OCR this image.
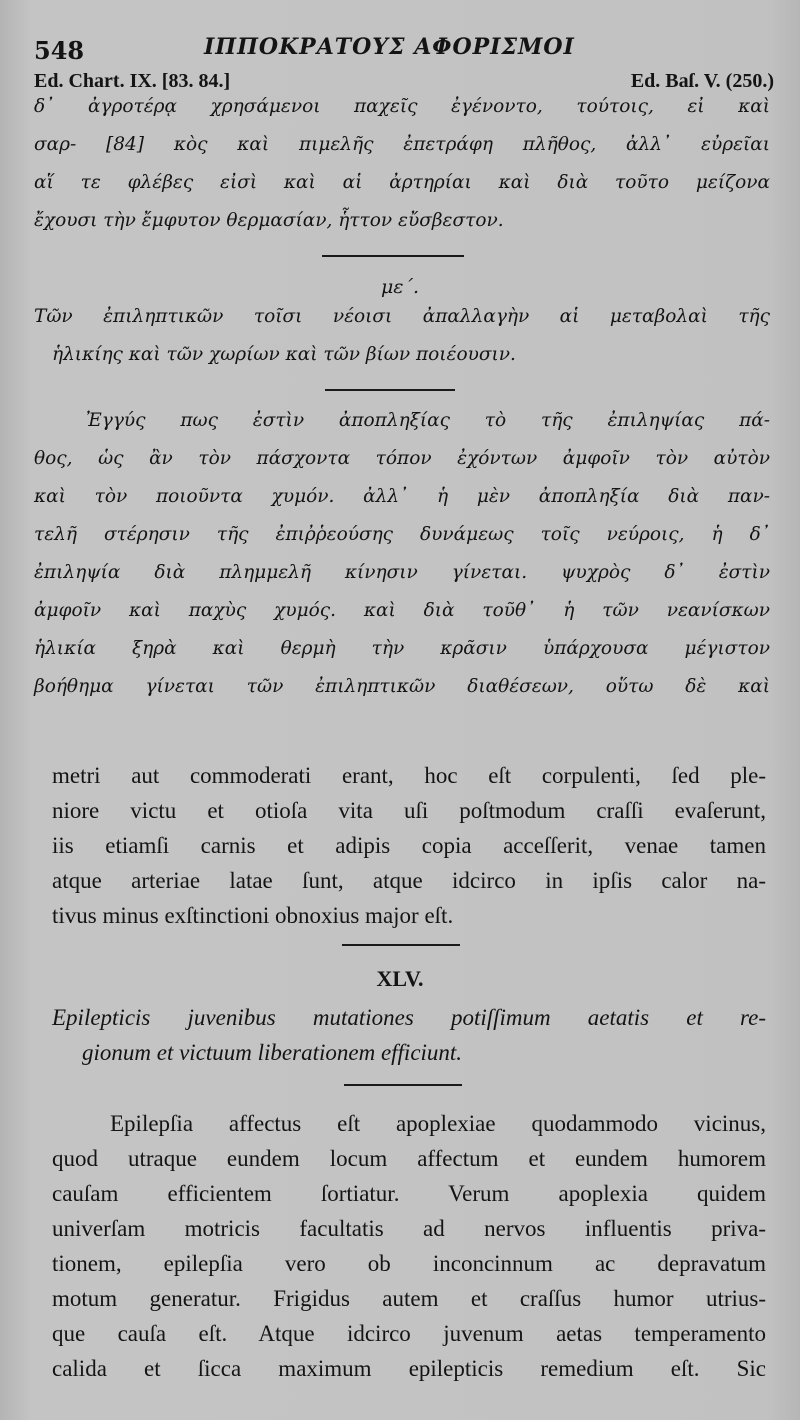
548	ΙΠΠΟΚΡΑΤΟΥΣ ΑΦΟΡΙΣΜΟΙ
Ed. Chart. IX. [83. 84.]	Ed. Baſ. V. (250.)
δ᾽ ἀγροτέρᾳ χρησάμενοι παχεῖς ἐγένοντο, τούτοις, εἰ καὶ
σαρ- [84] κὸς καὶ πιμελῆς ἐπετράφη πλῆθος, ἀλλ᾽ εὐρεῖαι
αἵ τε φλέβες εἰσὶ καὶ αἱ ἀρτηρίαι καὶ διὰ τοῦτο μείζονα
ἔχουσι τὴν ἔμφυτον θερμασίαν, ἧττον εὔσβεστον.
με΄.
Τῶν ἐπιληπτικῶν τοῖσι νέοισι ἀπαλλαγὴν αἱ μεταβολαὶ τῆς
ἡλικίης καὶ τῶν χωρίων καὶ τῶν βίων ποιέουσιν.
Ἐγγύς πως ἐστὶν ἀποπληξίας τὸ τῆς ἐπιληψίας πά-
θος, ὡς ἂν τὸν πάσχοντα τόπον ἐχόντων ἀμφοῖν τὸν αὐτὸν
καὶ τὸν ποιοῦντα χυμόν. ἀλλ᾽ ἡ μὲν ἀποπληξία διὰ παν-
τελῆ στέρησιν τῆς ἐπιῤῥεούσης δυνάμεως τοῖς νεύροις, ἡ δ᾽
ἐπιληψία διὰ πλημμελῆ κίνησιν γίνεται. ψυχρὸς δ᾽ ἐστὶν
ἀμφοῖν καὶ παχὺς χυμός. καὶ διὰ τοῦθ᾽ ἡ τῶν νεανίσκων
ἡλικία ξηρὰ καὶ θερμὴ τὴν κρᾶσιν ὑπάρχουσα μέγιστον
βοήθημα γίνεται τῶν ἐπιληπτικῶν διαθέσεων, οὕτω δὲ καὶ
metri aut commoderati erant, hoc eſt corpulenti, ſed ple-
niore victu et otioſa vita uſi poſtmodum craſſi evaſerunt,
iis etiamſi carnis et adipis copia acceſſerit, venae tamen
atque arteriae latae ſunt, atque idcirco in ipſis calor na-
tivus minus exſtinctioni obnoxius major eſt.
XLV.
Epilepticis juvenibus mutationes potiſſimum aetatis et re-
gionum et victuum liberationem efficiunt.
Epilepſia affectus eſt apoplexiae quodammodo vicinus,
quod utraque eundem locum affectum et eundem humorem
cauſam efficientem ſortiatur. Verum apoplexia quidem
univerſam motricis facultatis ad nervos influentis priva-
tionem, epilepſia vero ob inconcinnum ac depravatum
motum generatur. Frigidus autem et craſſus humor utrius-
que cauſa eſt. Atque idcirco juvenum aetas temperamento
calida et ſicca maximum epilepticis remedium eſt. Sic
